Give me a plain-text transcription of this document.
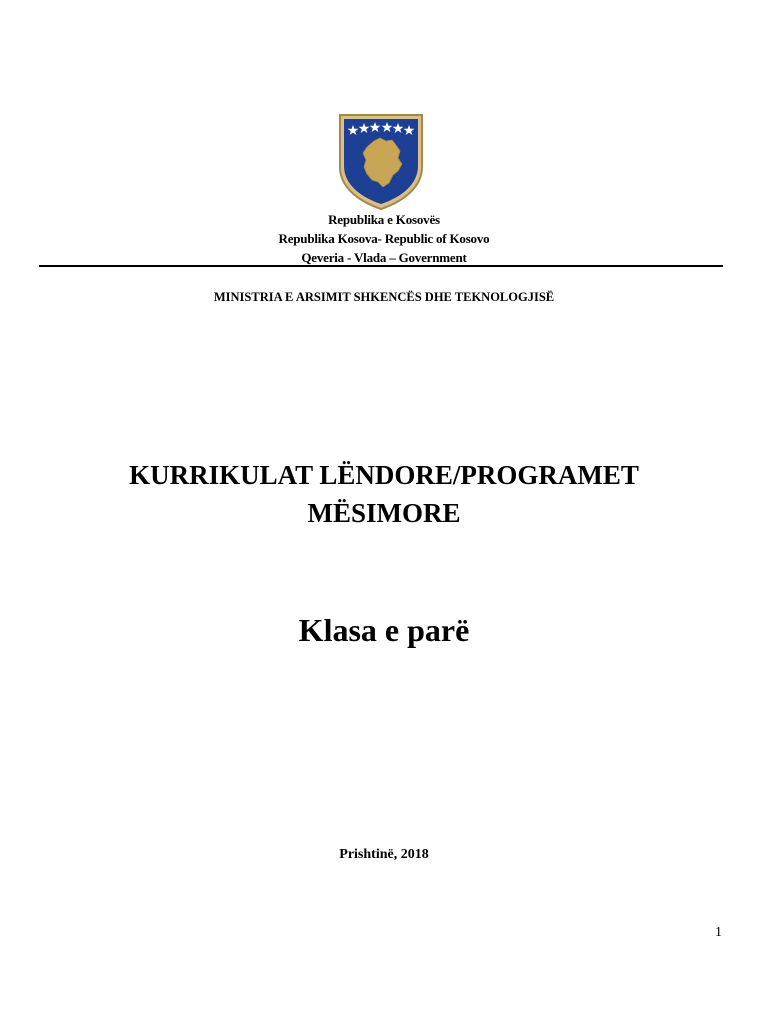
Republika e Kosovës
Republika Kosova- Republic of Kosovo
Qeveria - Vlada – Government
MINISTRIA E ARSIMIT SHKENCËS DHE TEKNOLOGJISË
KURRIKULAT LËNDORE/PROGRAMET
MËSIMORE
Klasa e parë
Prishtinë, 2018
1
